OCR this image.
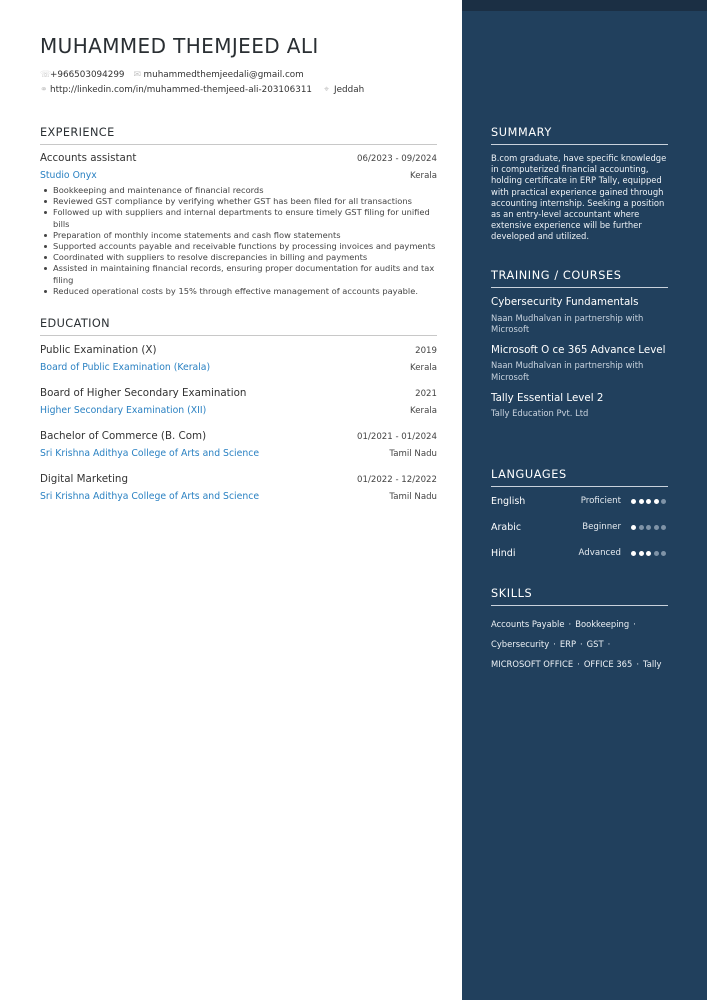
MUHAMMED THEMJEED ALI
☏
+966503094299 ✉ muhammedthemjeedali@gmail.com
⚭ http://linkedin.com/in/muhammed-themjeed-ali-203106311 ⌖ Jeddah
EXPERIENCE
Accounts assistant	06/2023 - 09/2024
Studio Onyx	Kerala
Bookkeeping and maintenance of financial records
Reviewed GST compliance by verifying whether GST has been filed for all transactions
Followed up with suppliers and internal departments to ensure timely GST filing for unified bills
Preparation of monthly income statements and cash flow statements
Supported accounts payable and receivable functions by processing invoices and payments
Coordinated with suppliers to resolve discrepancies in billing and payments
Assisted in maintaining financial records, ensuring proper documentation for audits and tax filing
Reduced operational costs by 15% through effective management of accounts payable.
EDUCATION
Public Examination (X)	2019
Board of Public Examination (Kerala)	Kerala
Board of Higher Secondary Examination	2021
Higher Secondary Examination (XII)	Kerala
Bachelor of Commerce (B. Com)	01/2021 - 01/2024
Sri Krishna Adithya College of Arts and Science	Tamil Nadu
Digital Marketing	01/2022 - 12/2022
Sri Krishna Adithya College of Arts and Science	Tamil Nadu
SUMMARY
B.com graduate, have specific knowledge in computerized financial accounting, holding certificate in ERP Tally, equipped with practical experience gained through accounting internship. Seeking a position as an entry-level accountant where extensive experience will be further developed and utilized.
TRAINING / COURSES
Cybersecurity Fundamentals
Naan Mudhalvan in partnership with Microsoft
Microsoft O ce 365 Advance Level
Naan Mudhalvan in partnership with Microsoft
Tally Essential Level 2
Tally Education Pvt. Ltd
LANGUAGES
English	Proficient
Arabic	Beginner
Hindi	Advanced
SKILLS
Accounts Payable · Bookkeeping ·
Cybersecurity · ERP · GST ·
MICROSOFT OFFICE · OFFICE 365 · Tally
